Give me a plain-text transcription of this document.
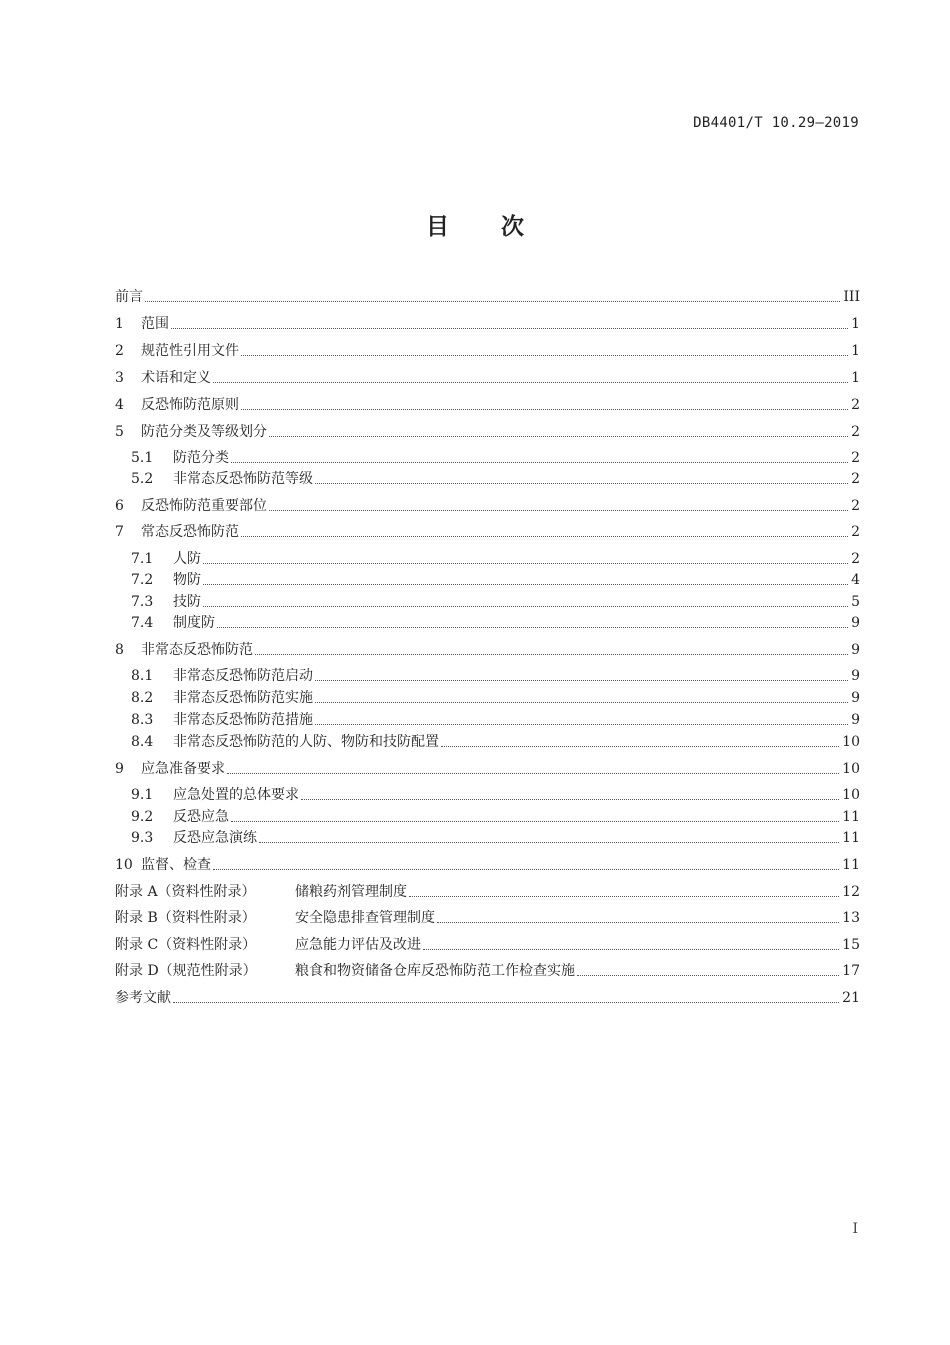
DB4401/T 10.29—2019
目 次
前言	III
1	范围	1
2	规范性引用文件	1
3	术语和定义	1
4	反恐怖防范原则	2
5	防范分类及等级划分	2
5.1	防范分类	2
5.2	非常态反恐怖防范等级	2
6	反恐怖防范重要部位	2
7	常态反恐怖防范	2
7.1	人防	2
7.2	物防	4
7.3	技防	5
7.4	制度防	9
8	非常态反恐怖防范	9
8.1	非常态反恐怖防范启动	9
8.2	非常态反恐怖防范实施	9
8.3	非常态反恐怖防范措施	9
8.4	非常态反恐怖防范的人防、物防和技防配置	10
9	应急准备要求	10
9.1	应急处置的总体要求	10
9.2	反恐应急	11
9.3	反恐应急演练	11
10 监督、检查	11
附录 A（资料性附录）	储粮药剂管理制度	12
附录 B（资料性附录）	安全隐患排查管理制度	13
附录 C（资料性附录）	应急能力评估及改进	15
附录 D（规范性附录）	粮食和物资储备仓库反恐怖防范工作检查实施	17
参考文献	21
I
